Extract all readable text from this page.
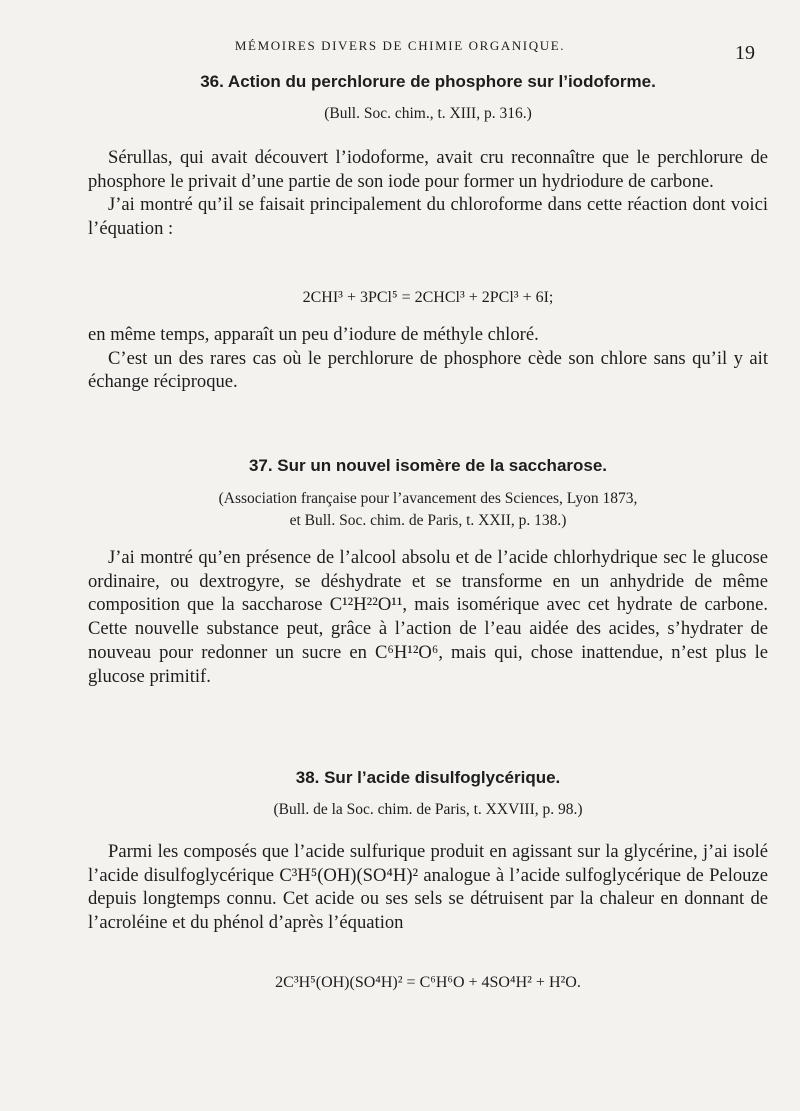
MÉMOIRES DIVERS DE CHIMIE ORGANIQUE.	19
36. Action du perchlorure de phosphore sur l’iodoforme.
(Bull. Soc. chim., t. XIII, p. 316.)

Sérullas, qui avait découvert l’iodoforme, avait cru reconnaître que le perchlorure de phosphore le privait d’une partie de son iode pour former un hydriodure de carbone.

J’ai montré qu’il se faisait principalement du chloroforme dans cette réaction dont voici l’équation :

2CHI³ + 3PCl⁵ = 2CHCl³ + 2PCl³ + 6I;

en même temps, apparaît un peu d’iodure de méthyle chloré.

C’est un des rares cas où le perchlorure de phosphore cède son chlore sans qu’il y ait échange réciproque.

37. Sur un nouvel isomère de la saccharose.
(Association française pour l’avancement des Sciences, Lyon 1873,
et Bull. Soc. chim. de Paris, t. XXII, p. 138.)

J’ai montré qu’en présence de l’alcool absolu et de l’acide chlorhydrique sec le glucose ordinaire, ou dextrogyre, se déshydrate et se transforme en un anhydride de même composition que la saccharose C¹²H²²O¹¹, mais isomérique avec cet hydrate de carbone. Cette nouvelle substance peut, grâce à l’action de l’eau aidée des acides, s’hydrater de nouveau pour redonner un sucre en C⁶H¹²O⁶, mais qui, chose inattendue, n’est plus le glucose primitif.

38. Sur l’acide disulfoglycérique.
(Bull. de la Soc. chim. de Paris, t. XXVIII, p. 98.)

Parmi les composés que l’acide sulfurique produit en agissant sur la glycérine, j’ai isolé l’acide disulfoglycérique C³H⁵(OH)(SO⁴H)² analogue à l’acide sulfoglycérique de Pelouze depuis longtemps connu. Cet acide ou ses sels se détruisent par la chaleur en donnant de l’acroléine et du phénol d’après l’équation

2C³H⁵(OH)(SO⁴H)² = C⁶H⁶O + 4SO⁴H² + H²O.
